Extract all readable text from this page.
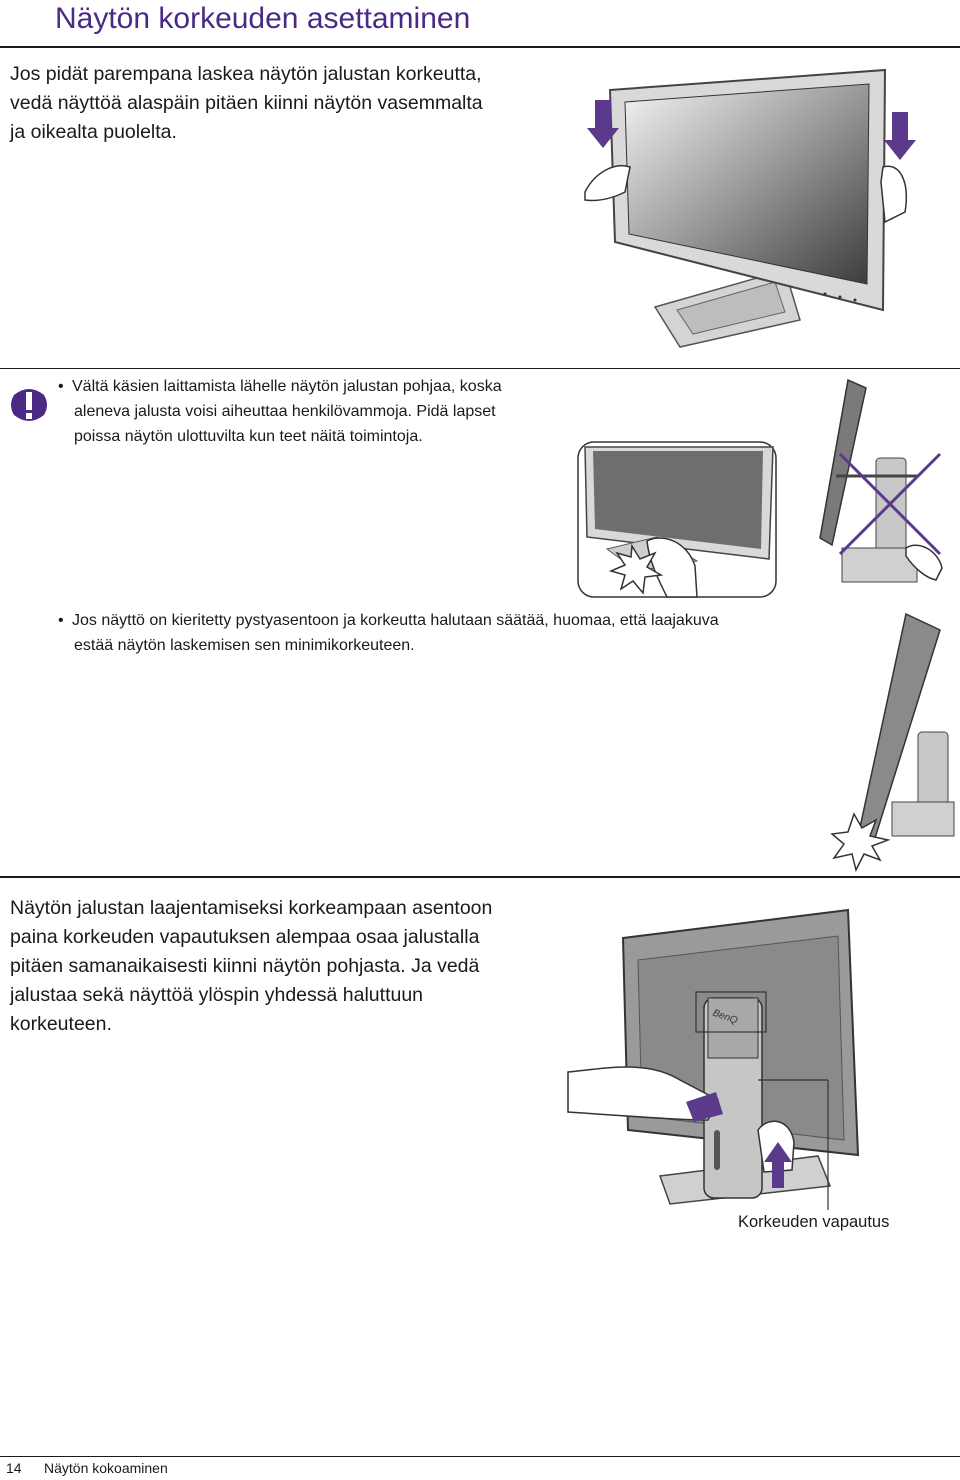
Näytön korkeuden asettaminen

Jos pidät parempana laskea näytön jalustan korkeutta,
vedä näyttöä alaspäin pitäen kiinni näytön vasemmalta
ja oikealta puolelta.

• Vältä käsien laittamista lähelle näytön jalustan pohjaa, koska
aleneva jalusta voisi aiheuttaa henkilövammoja. Pidä lapset
poissa näytön ulottuvilta kun teet näitä toimintoja.

• Jos näyttö on kieritetty pystyasentoon ja korkeutta halutaan säätää, huomaa, että laajakuva
estää näytön laskemisen sen minimikorkeuteen.

Näytön jalustan laajentamiseksi korkeampaan asentoon
paina korkeuden vapautuksen alempaa osaa jalustalla
pitäen samanaikaisesti kiinni näytön pohjasta. Ja vedä
jalustaa sekä näyttöä ylöspin yhdessä haluttuun
korkeuteen.	BenQ
Korkeuden vapautus
14 Näytön kokoaminen
